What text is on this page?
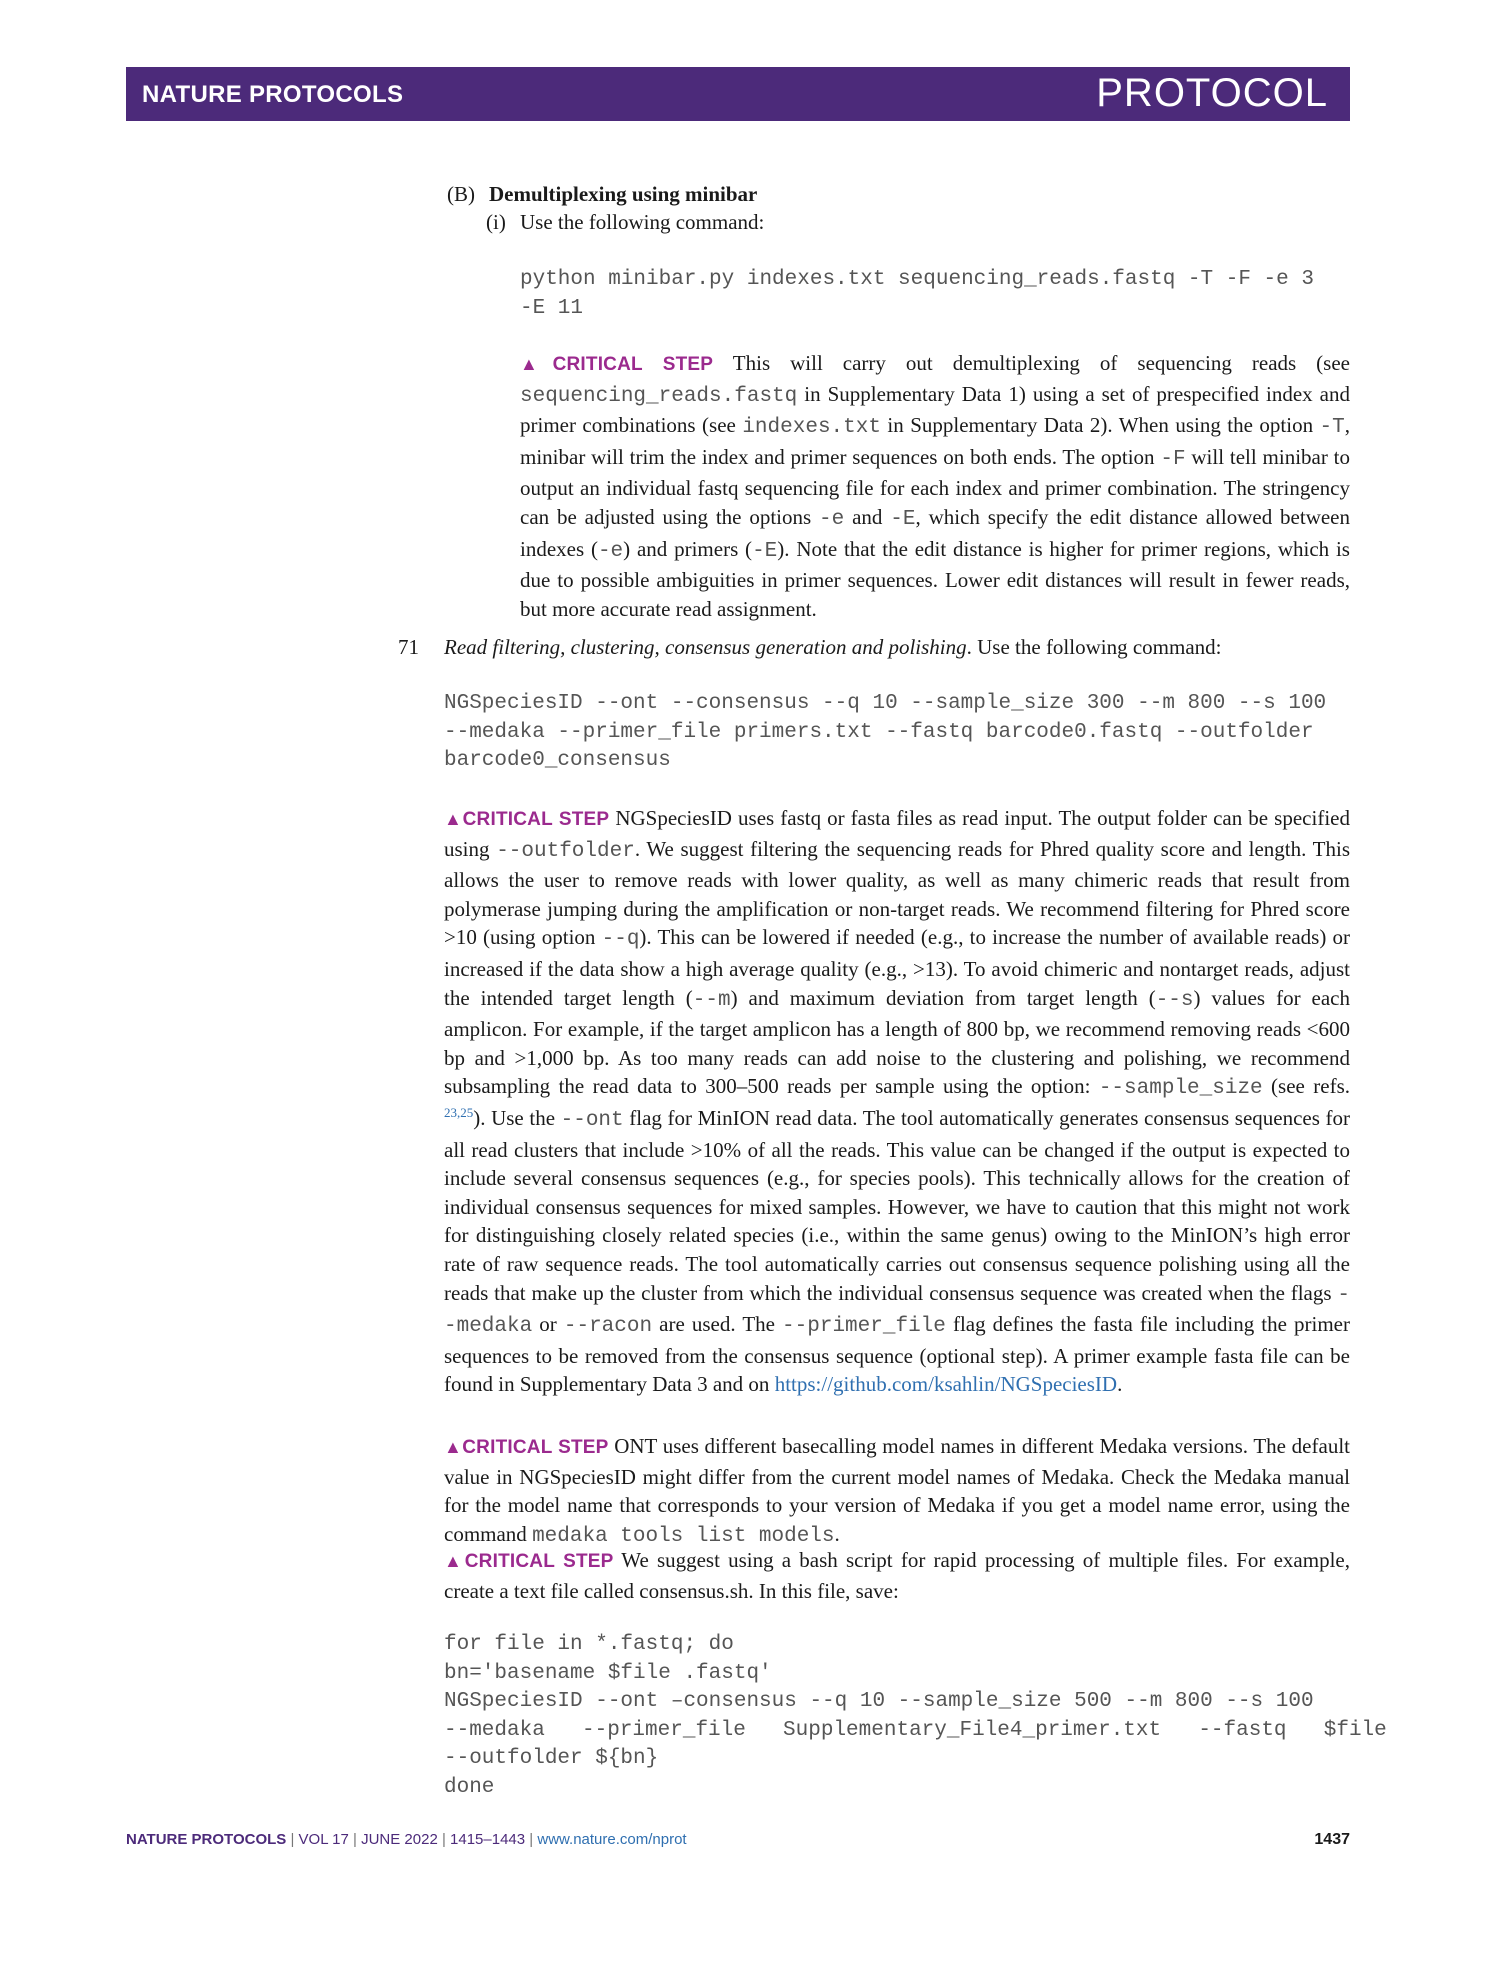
NATURE PROTOCOLS	PROTOCOL
(B) Demultiplexing using minibar
(i) Use the following command:
python minibar.py indexes.txt sequencing_reads.fastq -T -F -e 3
-E 11
▲CRITICAL STEP This will carry out demultiplexing of sequencing reads (see sequencing_reads.fastq in Supplementary Data 1) using a set of prespecified index and primer combinations (see indexes.txt in Supplementary Data 2). When using the option -T, minibar will trim the index and primer sequences on both ends. The option -F will tell minibar to output an individual fastq sequencing file for each index and primer combination. The stringency can be adjusted using the options -e and -E, which specify the edit distance allowed between indexes (-e) and primers (-E). Note that the edit distance is higher for primer regions, which is due to possible ambiguities in primer sequences. Lower edit distances will result in fewer reads, but more accurate read assignment.
71 Read filtering, clustering, consensus generation and polishing. Use the following command:
NGSpeciesID --ont --consensus --q 10 --sample_size 300 --m 800 --s 100
--medaka --primer_file primers.txt --fastq barcode0.fastq --outfolder
barcode0_consensus
▲CRITICAL STEP NGSpeciesID uses fastq or fasta files as read input. The output folder can be specified using --outfolder. We suggest filtering the sequencing reads for Phred quality score and length. This allows the user to remove reads with lower quality, as well as many chimeric reads that result from polymerase jumping during the amplification or non-target reads. We recommend filtering for Phred score >10 (using option --q). This can be lowered if needed (e.g., to increase the number of available reads) or increased if the data show a high average quality (e.g., >13). To avoid chimeric and nontarget reads, adjust the intended target length (--m) and maximum deviation from target length (--s) values for each amplicon. For example, if the target amplicon has a length of 800 bp, we recommend removing reads <600 bp and >1,000 bp. As too many reads can add noise to the clustering and polishing, we recommend subsampling the read data to 300–500 reads per sample using the option: --sample_size (see refs. $^{23,25}$). Use the --ont flag for MinION read data. The tool automatically generates consensus sequences for all read clusters that include >10% of all the reads. This value can be changed if the output is expected to include several consensus sequences (e.g., for species pools). This technically allows for the creation of individual consensus sequences for mixed samples. However, we have to caution that this might not work for distinguishing closely related species (i.e., within the same genus) owing to the MinION’s high error rate of raw sequence reads. The tool automatically carries out consensus sequence polishing using all the reads that make up the cluster from which the individual consensus sequence was created when the flags --medaka or --racon are used. The --primer_file flag defines the fasta file including the primer sequences to be removed from the consensus sequence (optional step). A primer example fasta file can be found in Supplementary Data 3 and on https://github.com/ksahlin/NGSpeciesID.
▲CRITICAL STEP ONT uses different basecalling model names in different Medaka versions. The default value in NGSpeciesID might differ from the current model names of Medaka. Check the Medaka manual for the model name that corresponds to your version of Medaka if you get a model name error, using the command medaka tools list models.
▲CRITICAL STEP We suggest using a bash script for rapid processing of multiple files. For example, create a text file called consensus.sh. In this file, save:
for file in *.fastq; do
bn='basename $file .fastq'
NGSpeciesID --ont –consensus --q 10 --sample_size 500 --m 800 --s 100
--medaka  --primer_file  Supplementary_File4_primer.txt  --fastq  $file
--outfolder ${bn}
done
NATURE PROTOCOLS | VOL 17 | JUNE 2022 | 1415–1443 | www.nature.com/nprot	1437
